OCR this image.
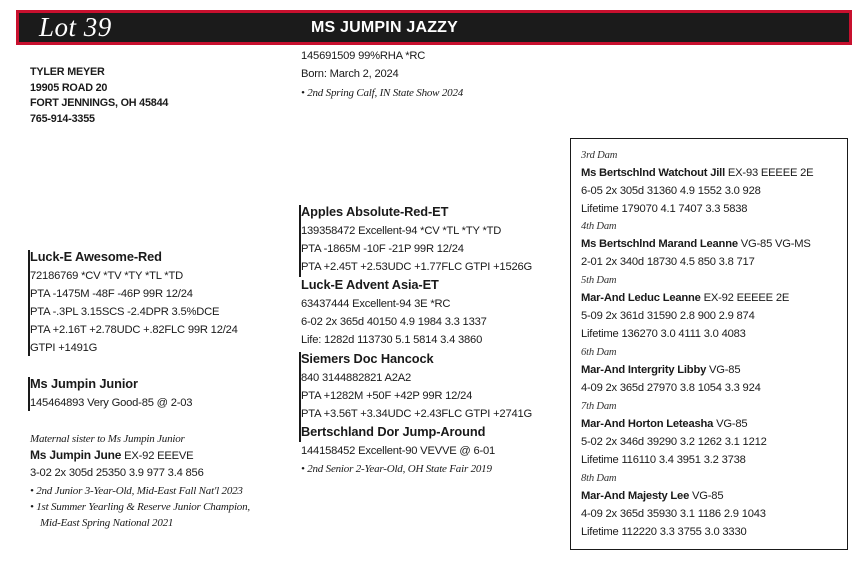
Lot 39	MS JUMPIN JAZZY
145691509 99%RHA *RC
Born: March 2, 2024
• 2nd Spring Calf, IN State Show 2024
TYLER MEYER
19905 ROAD 20
FORT JENNINGS, OH 45844
765-914-3355
Luck-E Awesome-Red
72186769 *CV *TV *TY *TL *TD
PTA -1475M -48F -46P 99R 12/24
PTA -.3PL 3.15SCS -2.4DPR 3.5%DCE
PTA +2.16T +2.78UDC +.82FLC 99R 12/24
GTPI +1491G
Ms Jumpin Junior
145464893 Very Good-85 @ 2-03
Maternal sister to Ms Jumpin Junior
Ms Jumpin June EX-92 EEEVE
3-02 2x 305d 25350 3.9 977 3.4 856
• 2nd Junior 3-Year-Old, Mid-East Fall Nat'l 2023
• 1st Summer Yearling & Reserve Junior Champion,
Mid-East Spring National 2021
Apples Absolute-Red-ET
139358472 Excellent-94 *CV *TL *TY *TD
PTA -1865M -10F -21P 99R 12/24
PTA +2.45T +2.53UDC +1.77FLC GTPI +1526G
Luck-E Advent Asia-ET
63437444 Excellent-94 3E *RC
6-02 2x 365d 40150 4.9 1984 3.3 1337
Life: 1282d 113730 5.1 5814 3.4 3860
Siemers Doc Hancock
840 3144882821 A2A2
PTA +1282M +50F +42P 99R 12/24
PTA +3.56T +3.34UDC +2.43FLC GTPI +2741G
Bertschland Dor Jump-Around
144158452 Excellent-90 VEVVE @ 6-01
• 2nd Senior 2-Year-Old, OH State Fair 2019
3rd Dam
Ms Bertschlnd Watchout Jill EX-93 EEEEE 2E
6-05 2x 305d 31360 4.9 1552 3.0 928
Lifetime 179070 4.1 7407 3.3 5838
4th Dam
Ms Bertschlnd Marand Leanne VG-85 VG-MS
2-01 2x 340d 18730 4.5 850 3.8 717
5th Dam
Mar-And Leduc Leanne EX-92 EEEEE 2E
5-09 2x 361d 31590 2.8 900 2.9 874
Lifetime 136270 3.0 4111 3.0 4083
6th Dam
Mar-And Intergrity Libby VG-85
4-09 2x 365d 27970 3.8 1054 3.3 924
7th Dam
Mar-And Horton Leteasha VG-85
5-02 2x 346d 39290 3.2 1262 3.1 1212
Lifetime 116110 3.4 3951 3.2 3738
8th Dam
Mar-And Majesty Lee VG-85
4-09 2x 365d 35930 3.1 1186 2.9 1043
Lifetime 112220 3.3 3755 3.0 3330
